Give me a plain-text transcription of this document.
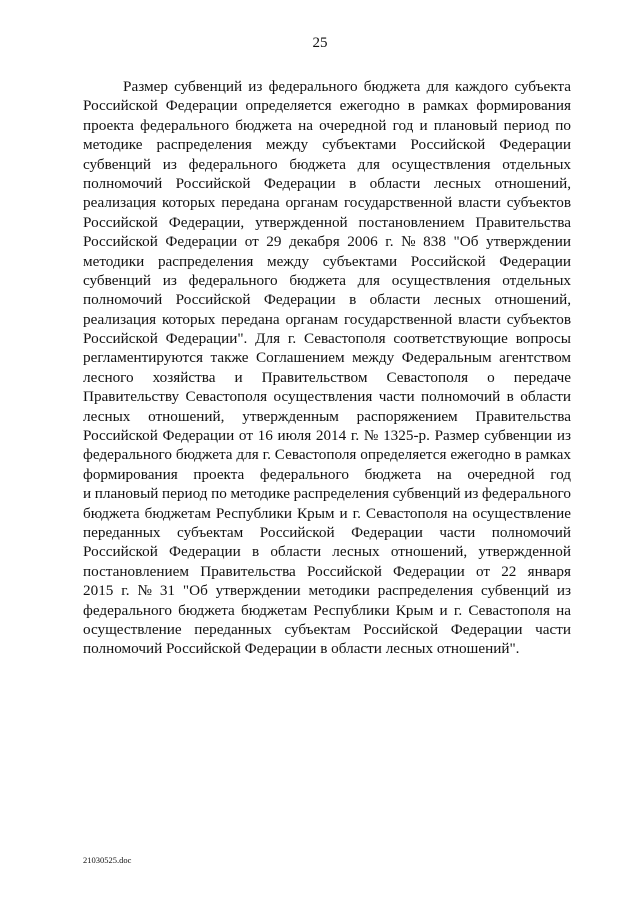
25
Размер субвенций из федерального бюджета для каждого субъекта
Российской Федерации определяется ежегодно в рамках формирования
проекта федерального бюджета на очередной год и плановый период по
методике распределения между субъектами Российской Федерации
субвенций из федерального бюджета для осуществления отдельных
полномочий Российской Федерации в области лесных отношений,
реализация которых передана органам государственной власти субъектов
Российской Федерации, утвержденной постановлением Правительства
Российской Федерации от 29 декабря 2006 г. № 838 "Об утверждении
методики распределения между субъектами Российской Федерации
субвенций из федерального бюджета для осуществления отдельных
полномочий Российской Федерации в области лесных отношений,
реализация которых передана органам государственной власти субъектов
Российской Федерации". Для г. Севастополя соответствующие вопросы
регламентируются также Соглашением между Федеральным агентством
лесного хозяйства и Правительством Севастополя о передаче
Правительству Севастополя осуществления части полномочий в области
лесных отношений, утвержденным распоряжением Правительства
Российской Федерации от 16 июля 2014 г. № 1325-р. Размер субвенции из
федерального бюджета для г. Севастополя определяется ежегодно в рамках
формирования проекта федерального бюджета на очередной год
и плановый период по методике распределения субвенций из федерального
бюджета бюджетам Республики Крым и г. Севастополя на осуществление
переданных субъектам Российской Федерации части полномочий
Российской Федерации в области лесных отношений, утвержденной
постановлением Правительства Российской Федерации от 22 января
2015 г. № 31 "Об утверждении методики распределения субвенций из
федерального бюджета бюджетам Республики Крым и г. Севастополя на
осуществление переданных субъектам Российской Федерации части
полномочий Российской Федерации в области лесных отношений".
21030525.doc
